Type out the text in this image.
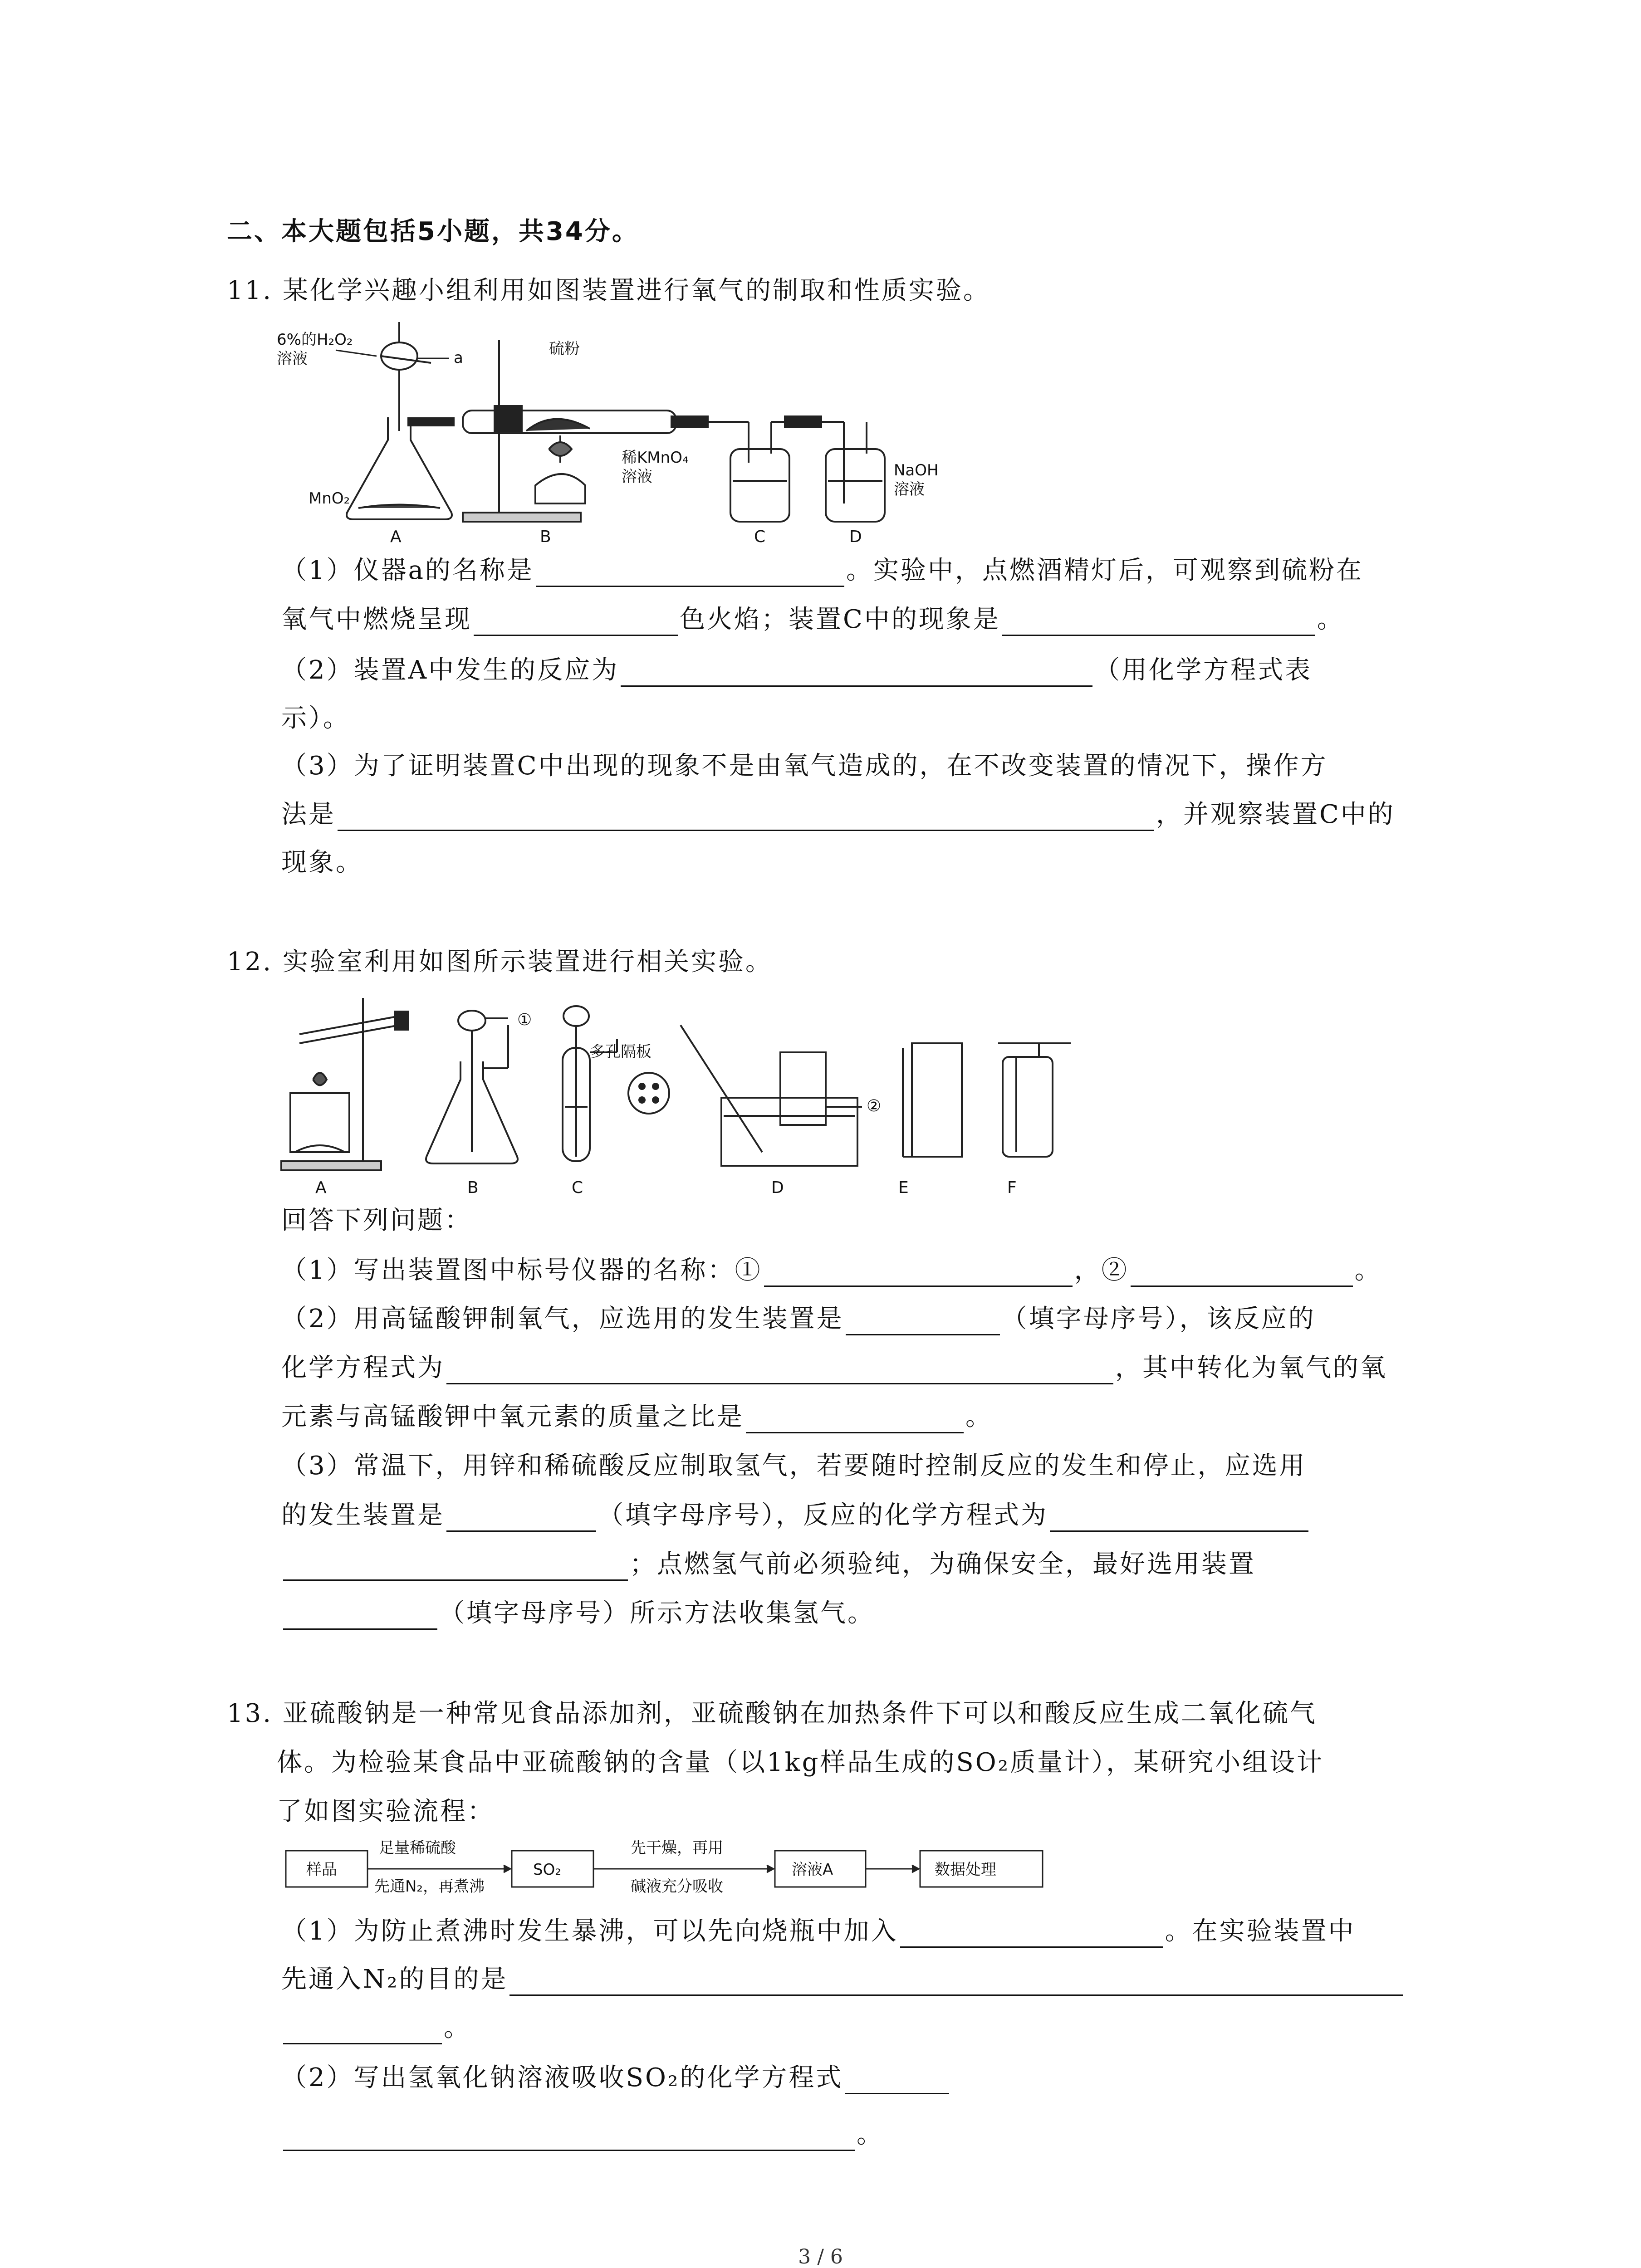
二、本大题包括5小题，共34分。
11. 某化学兴趣小组利用如图装置进行氧气的制取和性质实验。
6%的H₂O₂
溶液	a	硫粉
MnO₂
稀KMnO₄
溶液	NaOH
溶液
A	B	C	D
（1）仪器a的名称是	。实验中，点燃酒精灯后，可观察到硫粉在
氧气中燃烧呈现	色火焰；装置C中的现象是	。
（2）装置A中发生的反应为	（用化学方程式表
示）。
（3）为了证明装置C中出现的现象不是由氧气造成的，在不改变装置的情况下，操作方
法是	，并观察装置C中的
现象。
12. 实验室利用如图所示装置进行相关实验。
①
②
多孔隔板
A	B	C	D	E	F
回答下列问题：
（1）写出装置图中标号仪器的名称：①	，②	。
（2）用高锰酸钾制氧气，应选用的发生装置是	（填字母序号），该反应的
化学方程式为	，其中转化为氧气的氧
元素与高锰酸钾中氧元素的质量之比是	。
（3）常温下，用锌和稀硫酸反应制取氢气，若要随时控制反应的发生和停止，应选用
的发生装置是	（填字母序号），反应的化学方程式为
；点燃氢气前必须验纯，为确保安全，最好选用装置
（填字母序号）所示方法收集氢气。
13. 亚硫酸钠是一种常见食品添加剂，亚硫酸钠在加热条件下可以和酸反应生成二氧化硫气
体。为检验某食品中亚硫酸钠的含量（以1kg样品生成的SO₂质量计），某研究小组设计
了如图实验流程：
样品
足量稀硫酸
先通N₂，再煮沸
SO₂
先干燥，再用
碱液充分吸收
溶液A	数据处理
（1）为防止煮沸时发生暴沸，可以先向烧瓶中加入	。在实验装置中
先通入N₂的目的是
。
（2）写出氢氧化钠溶液吸收SO₂的化学方程式
。
3 / 6
